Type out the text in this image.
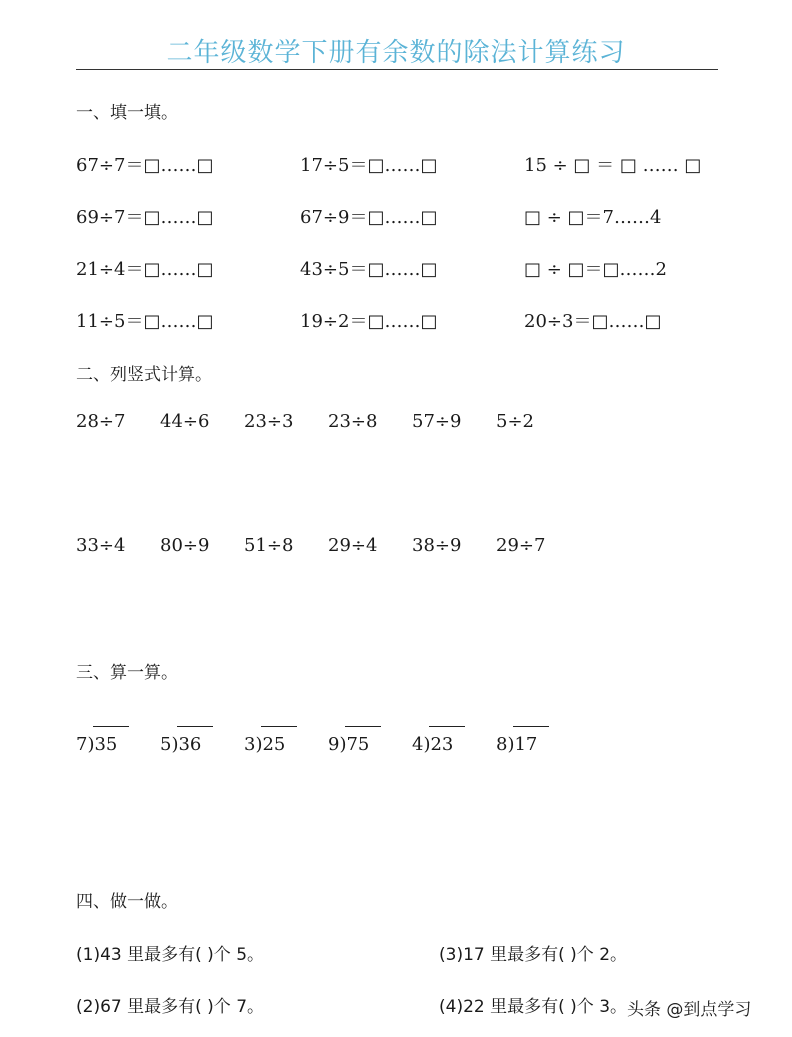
二年级数学下册有余数的除法计算练习
一、填一填。
67÷7＝□……□	17÷5＝□……□	15 ÷ □ ＝ □ …… □
69÷7＝□……□	67÷9＝□……□	□ ÷ □＝7……4
21÷4＝□……□	43÷5＝□……□	□ ÷ □＝□……2
11÷5＝□……□	19÷2＝□……□	20÷3＝□……□
二、列竖式计算。
28÷7 44÷6 23÷3 23÷8 57÷9 5÷2
33÷4 80÷9 51÷8 29÷4 38÷9 29÷7
三、算一算。
7
)35 5
)36 3
)25 9
)75 4
)23 8
)17
四、做一做。
(1)43 里最多有( )个 5。	(3)17 里最多有( )个 2。
(2)67 里最多有( )个 7。	(4)22 里最多有( )个 3。 头条 @到点学习
